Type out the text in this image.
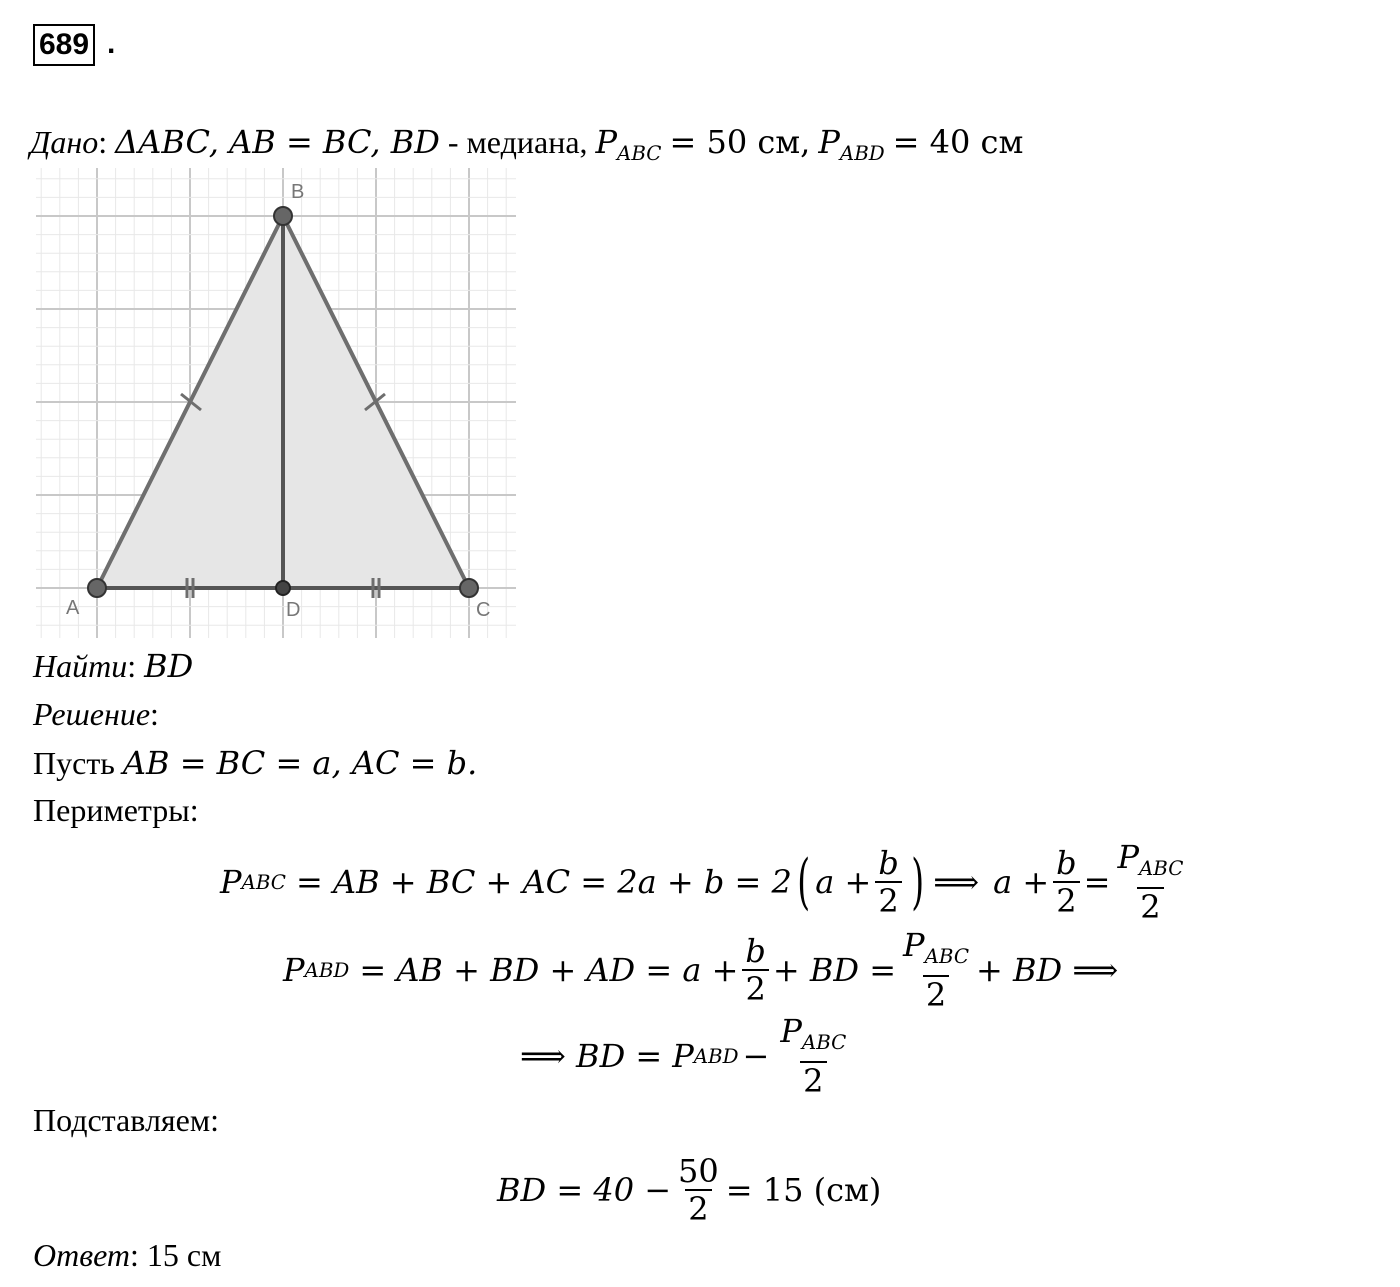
689 .
Дано: ΔABC, AB = BC, BD - медиана, $P_{ABC} = 50$ см, $P_{ABD} = 40$ см
A
B
C
D
Найти: BD
Решение:
Пусть AB = BC = a, AC = b.
Периметры:
P ABC = AB + BC + AC = 2a + b = 2 ( $a + \frac{b}{2}$ ) ⟹ $a + \frac{b}{2} = \frac{P_{ABC}}{2}$
P ABD = AB + BD + AD = $a + \frac{b}{2}$ + BD = $\frac{P_{ABC}}{2}$ + BD ⟹
⟹ BD = P ABD − $\frac{P_{ABC}}{2}$
Подставляем:
BD = $40 - \frac{50}{2} = 15$ (см)
Ответ: 15 см
